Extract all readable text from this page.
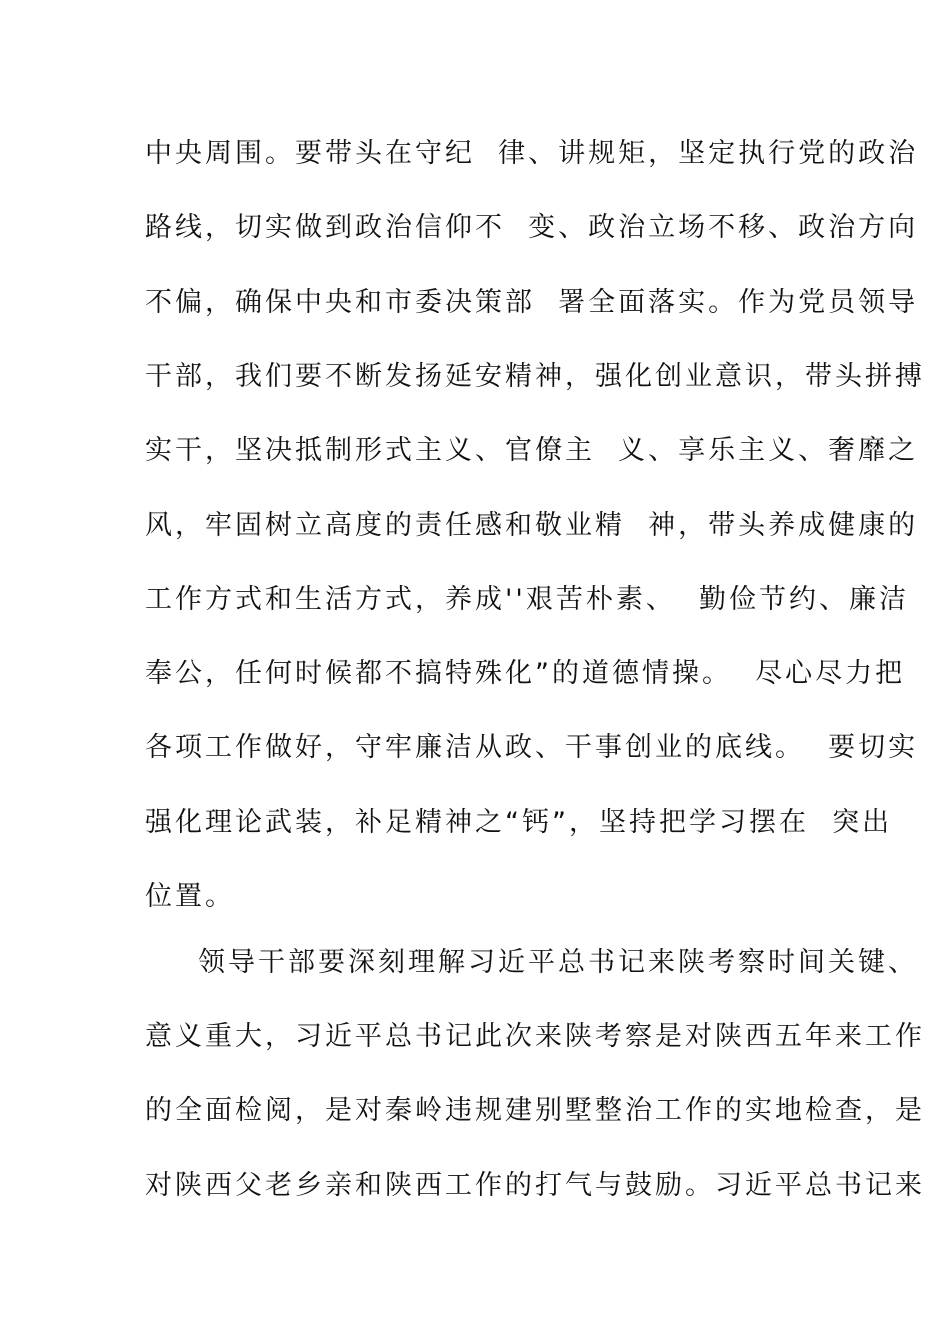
中央周围。要带头在守纪  律、讲规矩，坚定执行党的政治
路线，切实做到政治信仰不  变、政治立场不移、政治方向
不偏，确保中央和市委决策部  署全面落实。作为党员领导
干部，我们要不断发扬延安精神，强化创业意识，带头拼搏
实干，坚决抵制形式主义、官僚主  义、享乐主义、奢靡之
风，牢固树立高度的责任感和敬业精  神，带头养成健康的
工作方式和生活方式，养成''艰苦朴素、  勤俭节约、廉洁
奉公，任何时候都不搞特殊化”的道德情操。  尽心尽力把
各项工作做好，守牢廉洁从政、干事创业的底线。  要切实
强化理论武装，补足精神之“钙”，坚持把学习摆在  突出
位置。
领导干部要深刻理解习近平总书记来陕考察时间关键、
意义重大，习近平总书记此次来陕考察是对陕西五年来工作
的全面检阅，是对秦岭违规建别墅整治工作的实地检查，是
对陕西父老乡亲和陕西工作的打气与鼓励。习近平总书记来
